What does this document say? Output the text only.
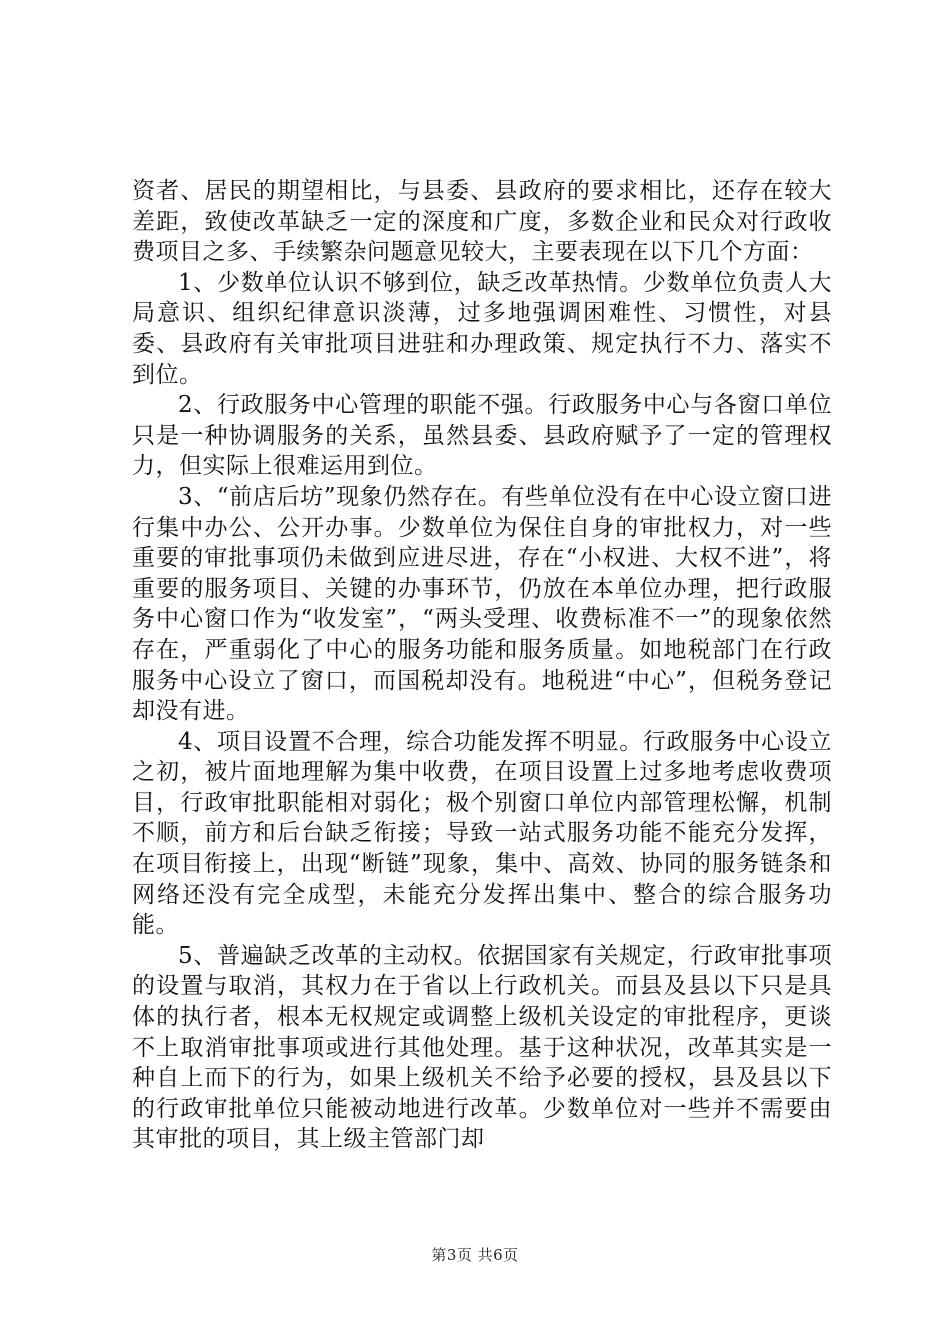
资者、居民的期望相比，与县委、县政府的要求相比，还存在较大差距，致使改革缺乏一定的深度和广度，多数企业和民众对行政收费项目之多、手续繁杂问题意见较大，主要表现在以下几个方面：

1、少数单位认识不够到位，缺乏改革热情。少数单位负责人大局意识、组织纪律意识淡薄，过多地强调困难性、习惯性，对县委、县政府有关审批项目进驻和办理政策、规定执行不力、落实不到位。

2、行政服务中心管理的职能不强。行政服务中心与各窗口单位只是一种协调服务的关系，虽然县委、县政府赋予了一定的管理权力，但实际上很难运用到位。

3、“前店后坊”现象仍然存在。有些单位没有在中心设立窗口进行集中办公、公开办事。少数单位为保住自身的审批权力，对一些重要的审批事项仍未做到应进尽进，存在“小权进、大权不进”，将重要的服务项目、关键的办事环节，仍放在本单位办理，把行政服务中心窗口作为“收发室”，“两头受理、收费标准不一”的现象依然存在，严重弱化了中心的服务功能和服务质量。如地税部门在行政服务中心设立了窗口，而国税却没有。地税进“中心”，但税务登记却没有进。

4、项目设置不合理，综合功能发挥不明显。行政服务中心设立之初，被片面地理解为集中收费，在项目设置上过多地考虑收费项目，行政审批职能相对弱化；极个别窗口单位内部管理松懈，机制不顺，前方和后台缺乏衔接；导致一站式服务功能不能充分发挥，在项目衔接上，出现“断链”现象，集中、高效、协同的服务链条和网络还没有完全成型，未能充分发挥出集中、整合的综合服务功能。

5、普遍缺乏改革的主动权。依据国家有关规定，行政审批事项的设置与取消，其权力在于省以上行政机关。而县及县以下只是具体的执行者，根本无权规定或调整上级机关设定的审批程序，更谈不上取消审批事项或进行其他处理。基于这种状况，改革其实是一种自上而下的行为，如果上级机关不给予必要的授权，县及县以下的行政审批单位只能被动地进行改革。少数单位对一些并不需要由其审批的项目，其上级主管部门却

第3页 共6页
